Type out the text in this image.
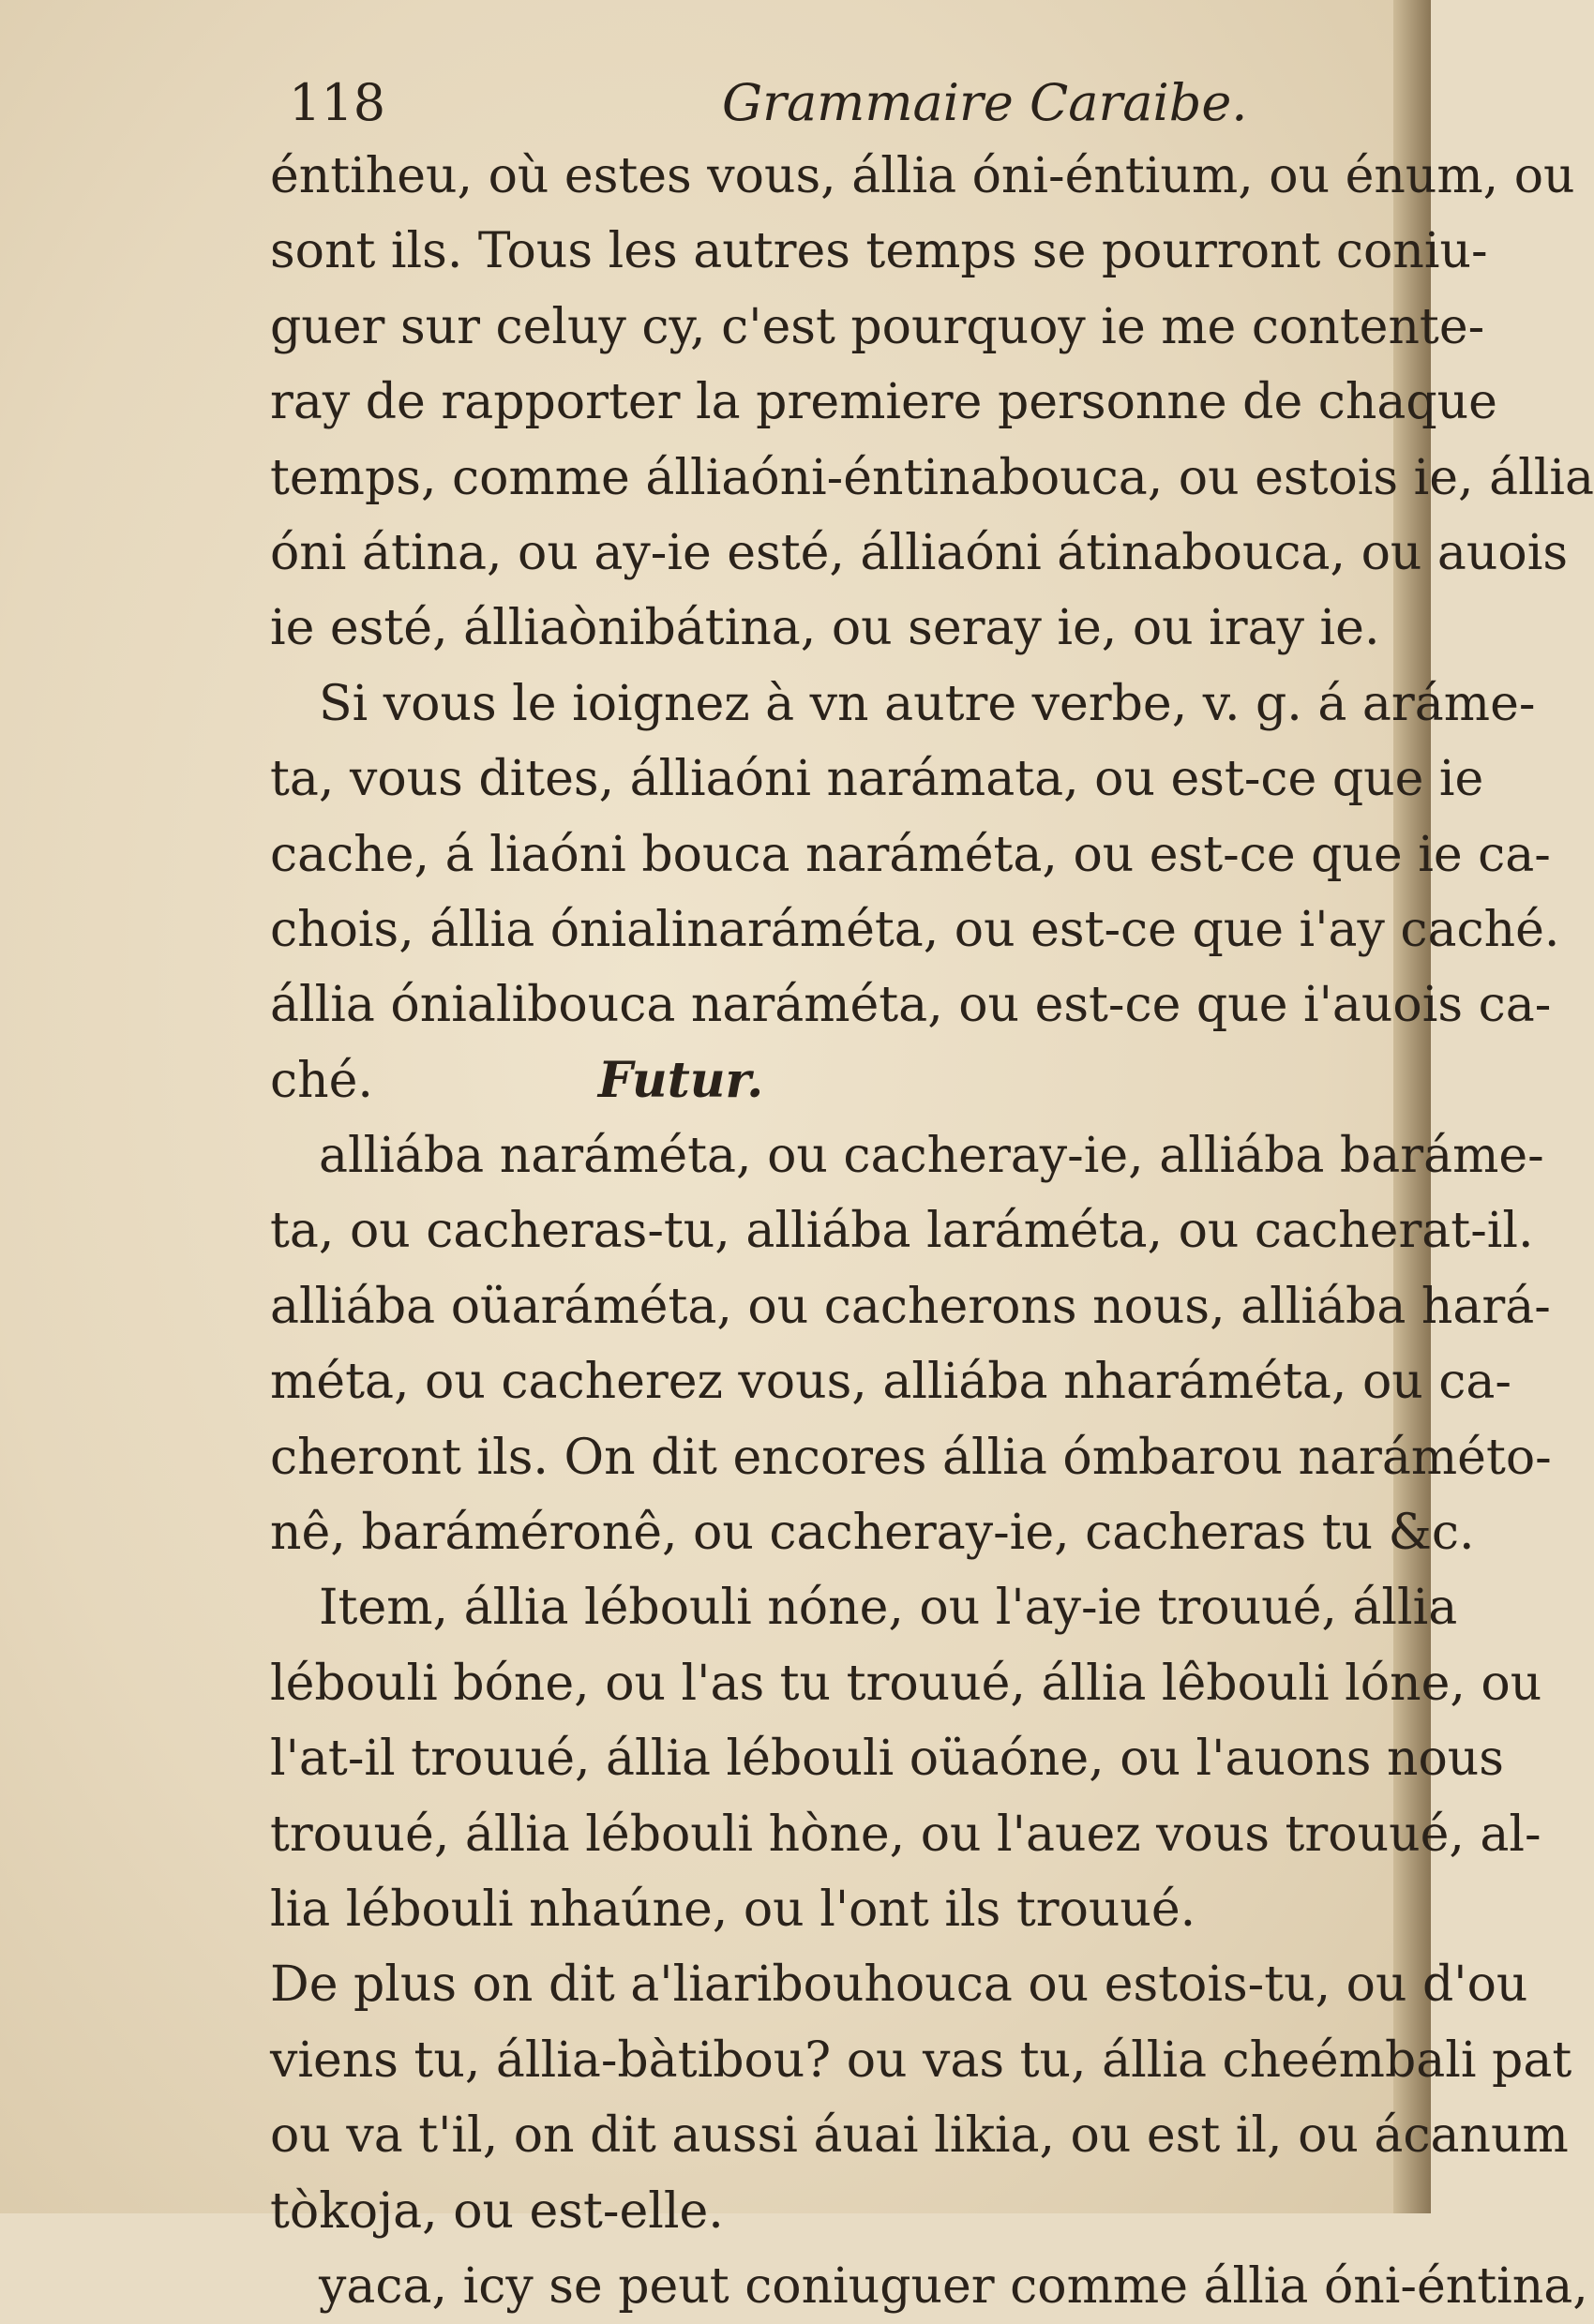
118	Grammaire Caraibe.
éntiheu, où estes vous, állia óni-éntium, ou énum, ou
sont ils. Tous les autres temps se pourront coniu-
guer sur celuy cy, c'est pourquoy ie me contente-
ray de rapporter la premiere personne de chaque
temps, comme álliaóni-éntinabouca, ou estois ie, állia
óni átina, ou ay-ie esté, álliaóni átinabouca, ou auois
ie esté, álliaònibátina, ou seray ie, ou iray ie.
Si vous le ioignez à vn autre verbe, v. g. á aráme-
ta, vous dites, álliaóni narámata, ou est-ce que ie
cache, á liaóni bouca naráméta, ou est-ce que ie ca-
chois, állia ónialinaráméta, ou est-ce que i'ay caché.
állia ónialibouca naráméta, ou est-ce que i'auois ca-
ché.	Futur.
alliába naráméta, ou cacheray-ie, alliába baráme-
ta, ou cacheras-tu, alliába laráméta, ou cacherat-il.
alliába oüaráméta, ou cacherons nous, alliába hará-
méta, ou cacherez vous, alliába nharáméta, ou ca-
cheront ils. On dit encores állia ómbarou naráméto-
nê, baráméronê, ou cacheray-ie, cacheras tu &c.
Item, állia lébouli nóne, ou l'ay-ie trouué, állia
lébouli bóne, ou l'as tu trouué, állia lêbouli lóne, ou
l'at-il trouué, állia lébouli oüaóne, ou l'auons nous
trouué, állia lébouli hòne, ou l'auez vous trouué, al-
lia lébouli nhaúne, ou l'ont ils trouué.
De plus on dit a'liaribouhouca ou estois-tu, ou d'ou
viens tu, állia-bàtibou? ou vas tu, állia cheémbali pat
ou va t'il, on dit aussi áuai likia, ou est il, ou ácanum
tòkoja, ou est-elle.
yaca, icy se peut coniuguer comme állia óni-éntina,
